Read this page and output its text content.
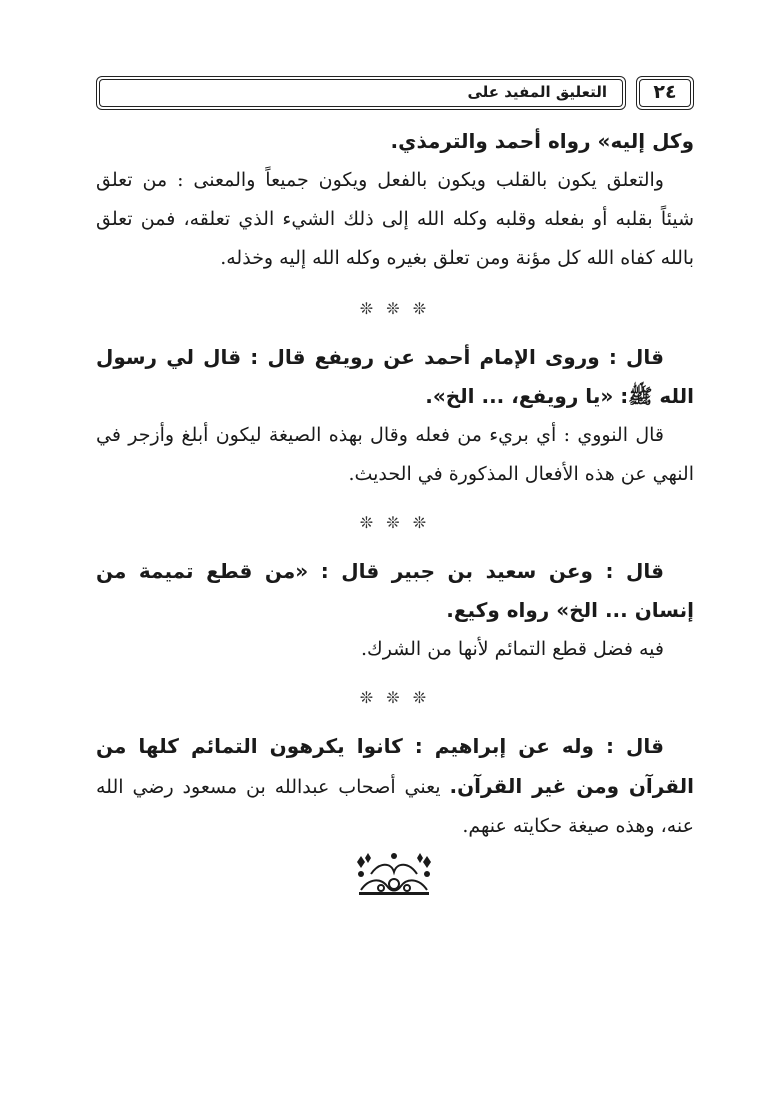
التعليق المفيد على	٢٤

وكل إليه» رواه أحمد والترمذي.

والتعلق يكون بالقلب ويكون بالفعل ويكون جميعاً والمعنى : من تعلق شيئاً بقلبه أو بفعله وقلبه وكله الله إلى ذلك الشيء الذي تعلقه، فمن تعلق بالله كفاه الله كل مؤنة ومن تعلق بغيره وكله الله إليه وخذله.

❊ ❊ ❊

قال : وروى الإمام أحمد عن رويفع قال : قال لي رسول الله ﷺ: «يا رويفع، ... الخ».

قال النووي : أي بريء من فعله وقال بهذه الصيغة ليكون أبلغ وأزجر في النهي عن هذه الأفعال المذكورة في الحديث.

❊ ❊ ❊

قال : وعن سعيد بن جبير قال : «من قطع تميمة من إنسان ... الخ» رواه وكيع.

فيه فضل قطع التمائم لأنها من الشرك.

❊ ❊ ❊

قال : وله عن إبراهيم : كانوا يكرهون التمائم كلها من القرآن ومن غير القرآن. يعني أصحاب عبدالله بن مسعود رضي الله عنه، وهذه صيغة حكايته عنهم.
